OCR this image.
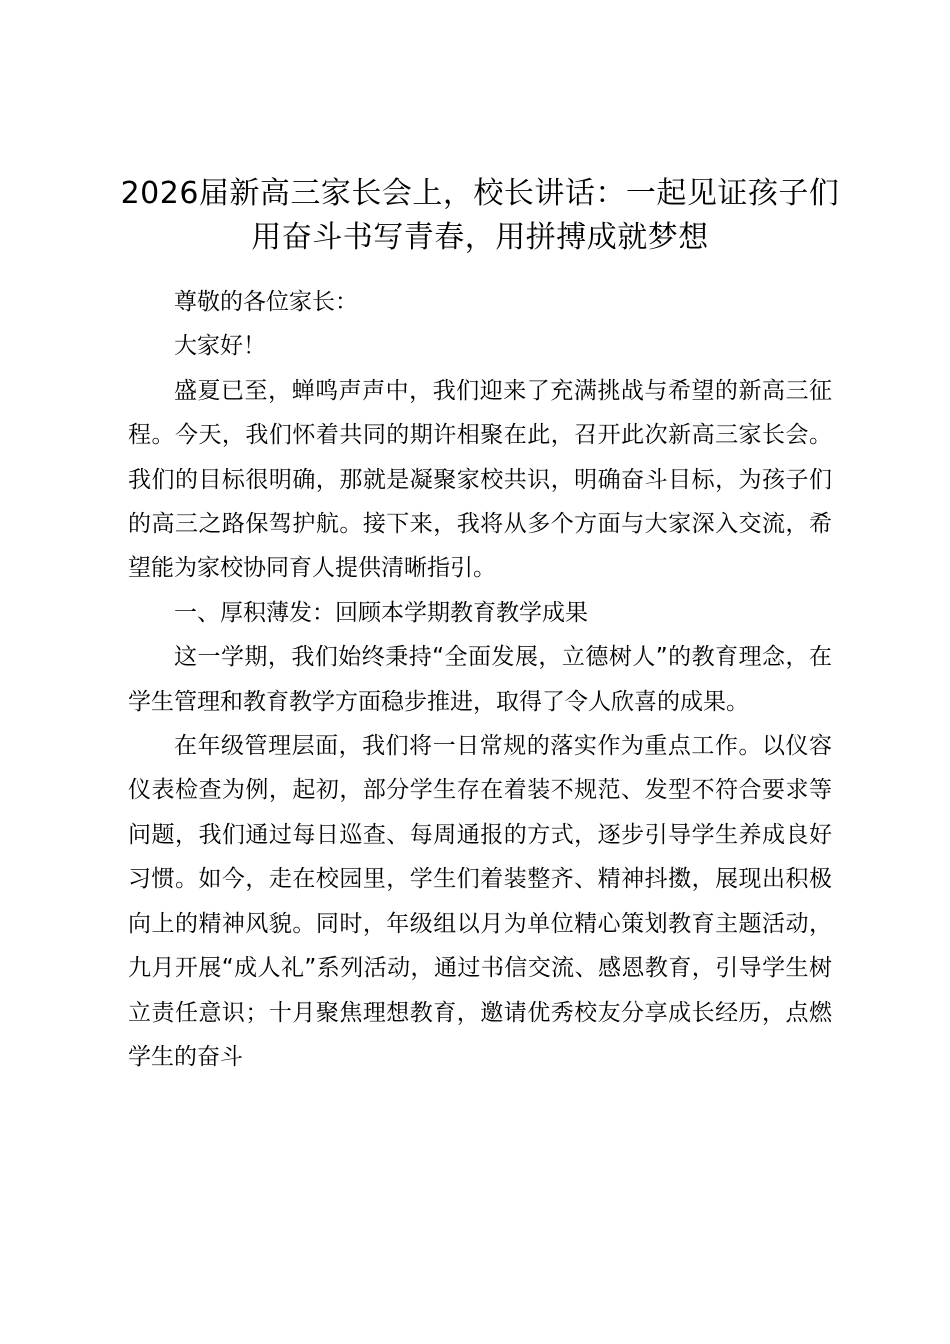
2026届新高三家长会上，校长讲话：一起见证孩子们用奋斗书写青春，用拼搏成就梦想

尊敬的各位家长：

大家好！

盛夏已至，蝉鸣声声中，我们迎来了充满挑战与希望的新高三征程。今天，我们怀着共同的期许相聚在此，召开此次新高三家长会。我们的目标很明确，那就是凝聚家校共识，明确奋斗目标，为孩子们的高三之路保驾护航。接下来，我将从多个方面与大家深入交流，希望能为家校协同育人提供清晰指引。

一、厚积薄发：回顾本学期教育教学成果

这一学期，我们始终秉持“全面发展，立德树人”的教育理念，在学生管理和教育教学方面稳步推进，取得了令人欣喜的成果。

在年级管理层面，我们将一日常规的落实作为重点工作。以仪容仪表检查为例，起初，部分学生存在着装不规范、发型不符合要求等问题，我们通过每日巡查、每周通报的方式，逐步引导学生养成良好习惯。如今，走在校园里，学生们着装整齐、精神抖擞，展现出积极向上的精神风貌。同时，年级组以月为单位精心策划教育主题活动，九月开展“成人礼”系列活动，通过书信交流、感恩教育，引导学生树立责任意识；十月聚焦理想教育，邀请优秀校友分享成长经历，点燃学生的奋斗
